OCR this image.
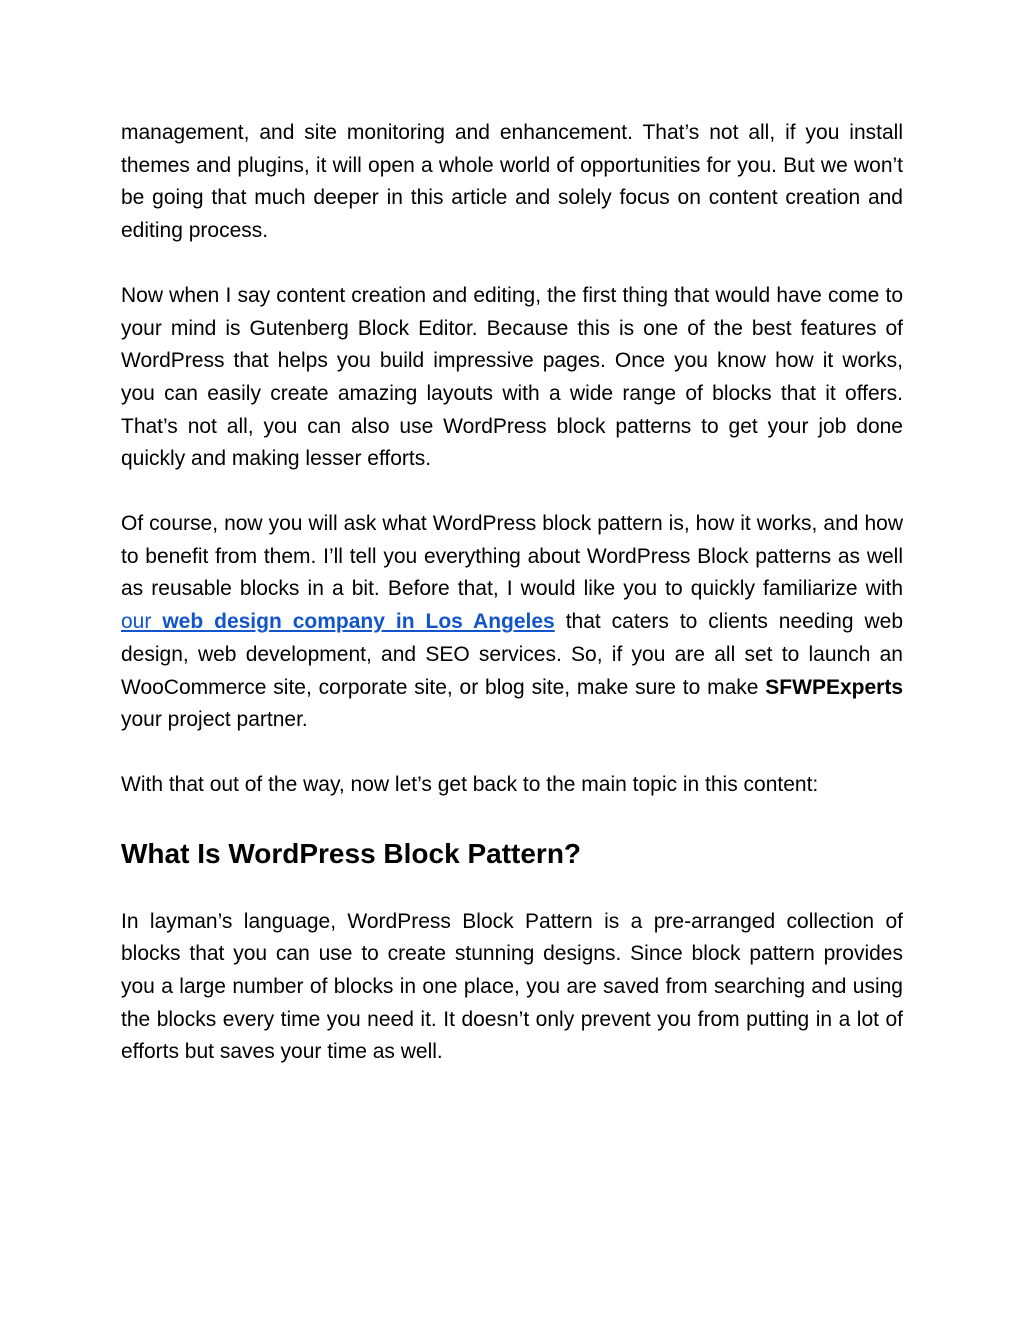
management, and site monitoring and enhancement. That’s not all, if you install themes and plugins, it will open a whole world of opportunities for you. But we won’t be going that much deeper in this article and solely focus on content creation and editing process.

Now when I say content creation and editing, the first thing that would have come to your mind is Gutenberg Block Editor. Because this is one of the best features of WordPress that helps you build impressive pages. Once you know how it works, you can easily create amazing layouts with a wide range of blocks that it offers. That’s not all, you can also use WordPress block patterns to get your job done quickly and making lesser efforts.

Of course, now you will ask what WordPress block pattern is, how it works, and how to benefit from them. I’ll tell you everything about WordPress Block patterns as well as reusable blocks in a bit. Before that, I would like you to quickly familiarize with our web design company in Los Angeles that caters to clients needing web design, web development, and SEO services. So, if you are all set to launch an WooCommerce site, corporate site, or blog site, make sure to make SFWPExperts your project partner.

With that out of the way, now let’s get back to the main topic in this content:

What Is WordPress Block Pattern?

In layman’s language, WordPress Block Pattern is a pre-arranged collection of blocks that you can use to create stunning designs. Since block pattern provides you a large number of blocks in one place, you are saved from searching and using the blocks every time you need it. It doesn’t only prevent you from putting in a lot of efforts but saves your time as well.
